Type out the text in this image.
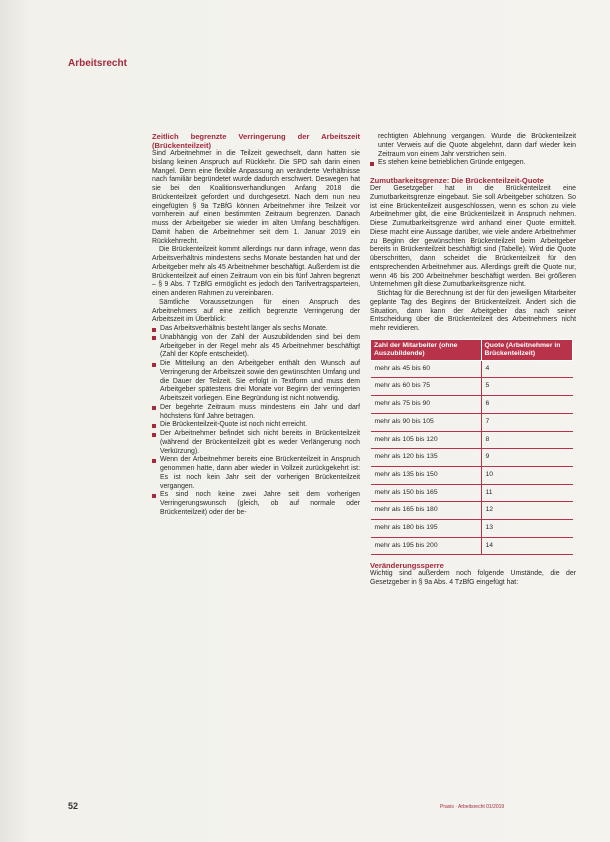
Arbeitsrecht
Zeitlich begrenzte Verringerung der Arbeitszeit (Brückenteilzeit)

Sind Arbeitnehmer in die Teilzeit gewechselt, dann hatten sie bislang keinen Anspruch auf Rückkehr. Die SPD sah darin einen Mangel. Denn eine flexible Anpassung an veränderte Verhältnisse nach familiär begründetet wurde dadurch erschwert. Deswegen hat sie bei den Koalitionsverhandlungen Anfang 2018 die Brückenteilzeit gefordert und durchgesetzt. Nach dem nun neu eingefügten § 9a TzBfG können Arbeitnehmer ihre Teilzeit vor vornherein auf einen bestimmten Zeitraum begrenzen. Danach muss der Arbeitgeber sie wieder im alten Umfang beschäftigen. Damit haben die Arbeitnehmer seit dem 1. Januar 2019 ein Rückkehrrecht.

Die Brückenteilzeit kommt allerdings nur dann infrage, wenn das Arbeitsverhältnis mindestens sechs Monate bestanden hat und der Arbeitgeber mehr als 45 Arbeitnehmer beschäftigt. Außerdem ist die Brückenteilzeit auf einen Zeitraum von ein bis fünf Jahren begrenzt – § 9 Abs. 7 TzBfG ermöglicht es jedoch den Tarifvertragsparteien, einen anderen Rahmen zu vereinbaren.

Sämtliche Voraussetzungen für einen Anspruch des Arbeitnehmers auf eine zeitlich begrenzte Verringerung der Arbeitszeit im Überblick:

Das Arbeitsverhältnis besteht länger als sechs Monate.
Unabhängig von der Zahl der Auszubildenden sind bei dem Arbeitgeber in der Regel mehr als 45 Arbeitnehmer beschäftigt (Zahl der Köpfe entscheidet).
Die Mitteilung an den Arbeitgeber enthält den Wunsch auf Verringerung der Arbeitszeit sowie den gewünschten Umfang und die Dauer der Teilzeit. Sie erfolgt in Textform und muss dem Arbeitgeber spätestens drei Monate vor Beginn der verringerten Arbeitszeit vorliegen. Eine Begründung ist nicht notwendig.
Der begehrte Zeitraum muss mindestens ein Jahr und darf höchstens fünf Jahre betragen.
Die Brückenteilzeit-Quote ist noch nicht erreicht.
Der Arbeitnehmer befindet sich nicht bereits in Brückenteilzeit (während der Brückenteilzeit gibt es weder Verlängerung noch Verkürzung).
Wenn der Arbeitnehmer bereits eine Brückenteilzeit in Anspruch genommen hatte, dann aber wieder in Vollzeit zurückgekehrt ist: Es ist noch kein Jahr seit der vorherigen Brückenteilzeit vergangen.
Es sind noch keine zwei Jahre seit dem vorherigen Verringerungswunsch (gleich, ob auf normale oder Brückenteilzeit) oder der be-

rechtigten Ablehnung vergangen. Wurde die Brückenteilzeit unter Verweis auf die Quote abgelehnt, dann darf wieder kein Zeitraum von einem Jahr verstrichen sein.

Es stehen keine betrieblichen Gründe entgegen.
Zumutbarkeitsgrenze: Die Brückenteilzeit-Quote

Der Gesetzgeber hat in die Brückenteilzeit eine Zumutbarkeitsgrenze eingebaut. Sie soll Arbeitgeber schützen. So ist eine Brückenteilzeit ausgeschlossen, wenn es schon zu viele Arbeitnehmer gibt, die eine Brückenteilzeit in Anspruch nehmen. Diese Zumutbarkeitsgrenze wird anhand einer Quote ermittelt. Diese macht eine Aussage darüber, wie viele andere Arbeitnehmer zu Beginn der gewünschten Brückenteilzeit beim Arbeitgeber bereits in Brückenteilzeit beschäftigt sind (Tabelle). Wird die Quote überschritten, dann scheidet die Brückenteilzeit für den entsprechenden Arbeitnehmer aus. Allerdings greift die Quote nur, wenn 46 bis 200 Arbeitnehmer beschäftigt werden. Bei größeren Unternehmen gilt diese Zumutbarkeitsgrenze nicht.

Stichtag für die Berechnung ist der für den jeweiligen Mitarbeiter geplante Tag des Beginns der Brückenteilzeit. Ändert sich die Situation, dann kann der Arbeitgeber das nach seiner Entscheidung über die Brückenteilzeit des Arbeitnehmers nicht mehr revidieren.

Zahl der Mitarbeiter (ohne Auszubildende)	Quote (Arbeitnehmer in Brückenteilzeit)
mehr als 45 bis 60	4
mehr als 60 bis 75	5
mehr als 75 bis 90	6
mehr als 90 bis 105	7
mehr als 105 bis 120	8
mehr als 120 bis 135	9
mehr als 135 bis 150	10
mehr als 150 bis 165	11
mehr als 165 bis 180	12
mehr als 180 bis 195	13
mehr als 195 bis 200	14
Veränderungssperre

Wichtig sind außerdem noch folgende Umstände, die der Gesetzgeber in § 9a Abs. 4 TzBfG eingefügt hat:

52	Praxis · Arbeitsrecht 01/2019
